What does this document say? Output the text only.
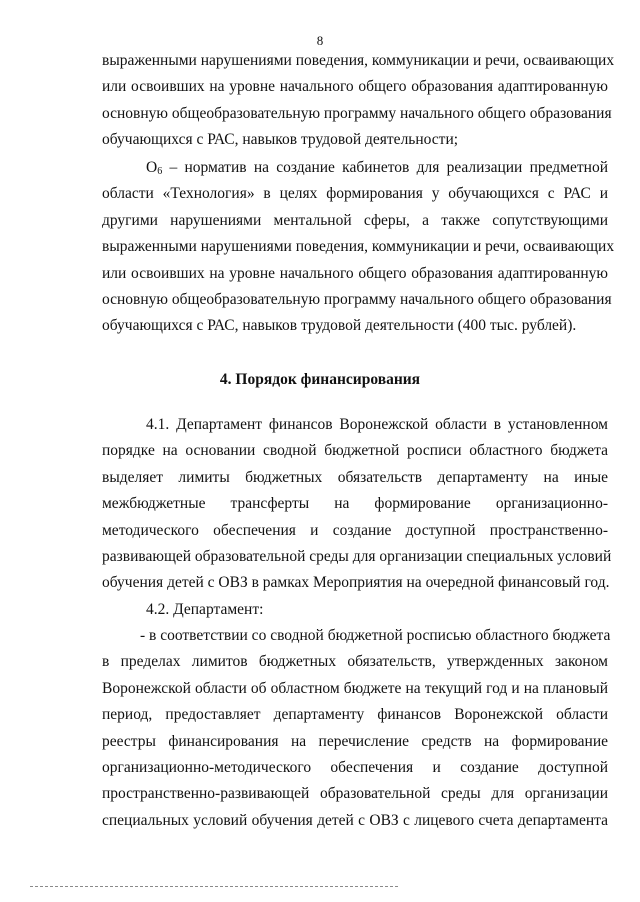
8
выраженными нарушениями поведения, коммуникации и речи, осваивающих
или освоивших на уровне начального общего образования адаптированную
основную общеобразовательную программу начального общего образования
обучающихся с РАС, навыков трудовой деятельности;
$О_6$ – норматив на создание кабинетов для реализации предметной
области «Технология» в целях формирования у обучающихся с РАС и
другими нарушениями ментальной сферы, а также сопутствующими
выраженными нарушениями поведения, коммуникации и речи, осваивающих
или освоивших на уровне начального общего образования адаптированную
основную общеобразовательную программу начального общего образования
обучающихся с РАС, навыков трудовой деятельности (400 тыс. рублей).
4. Порядок финансирования
4.1. Департамент финансов Воронежской области в установленном
порядке на основании сводной бюджетной росписи областного бюджета
выделяет лимиты бюджетных обязательств департаменту на иные
межбюджетные трансферты на формирование организационно-
методического обеспечения и создание доступной пространственно-
развивающей образовательной среды для организации специальных условий
обучения детей с ОВЗ в рамках Мероприятия на очередной финансовый год.
4.2. Департамент:
- в соответствии со сводной бюджетной росписью областного бюджета
в пределах лимитов бюджетных обязательств, утвержденных законом
Воронежской области об областном бюджете на текущий год и на плановый
период, предоставляет департаменту финансов Воронежской области
реестры финансирования на перечисление средств на формирование
организационно-методического обеспечения и создание доступной
пространственно-развивающей образовательной среды для организации
специальных условий обучения детей с ОВЗ с лицевого счета департамента
